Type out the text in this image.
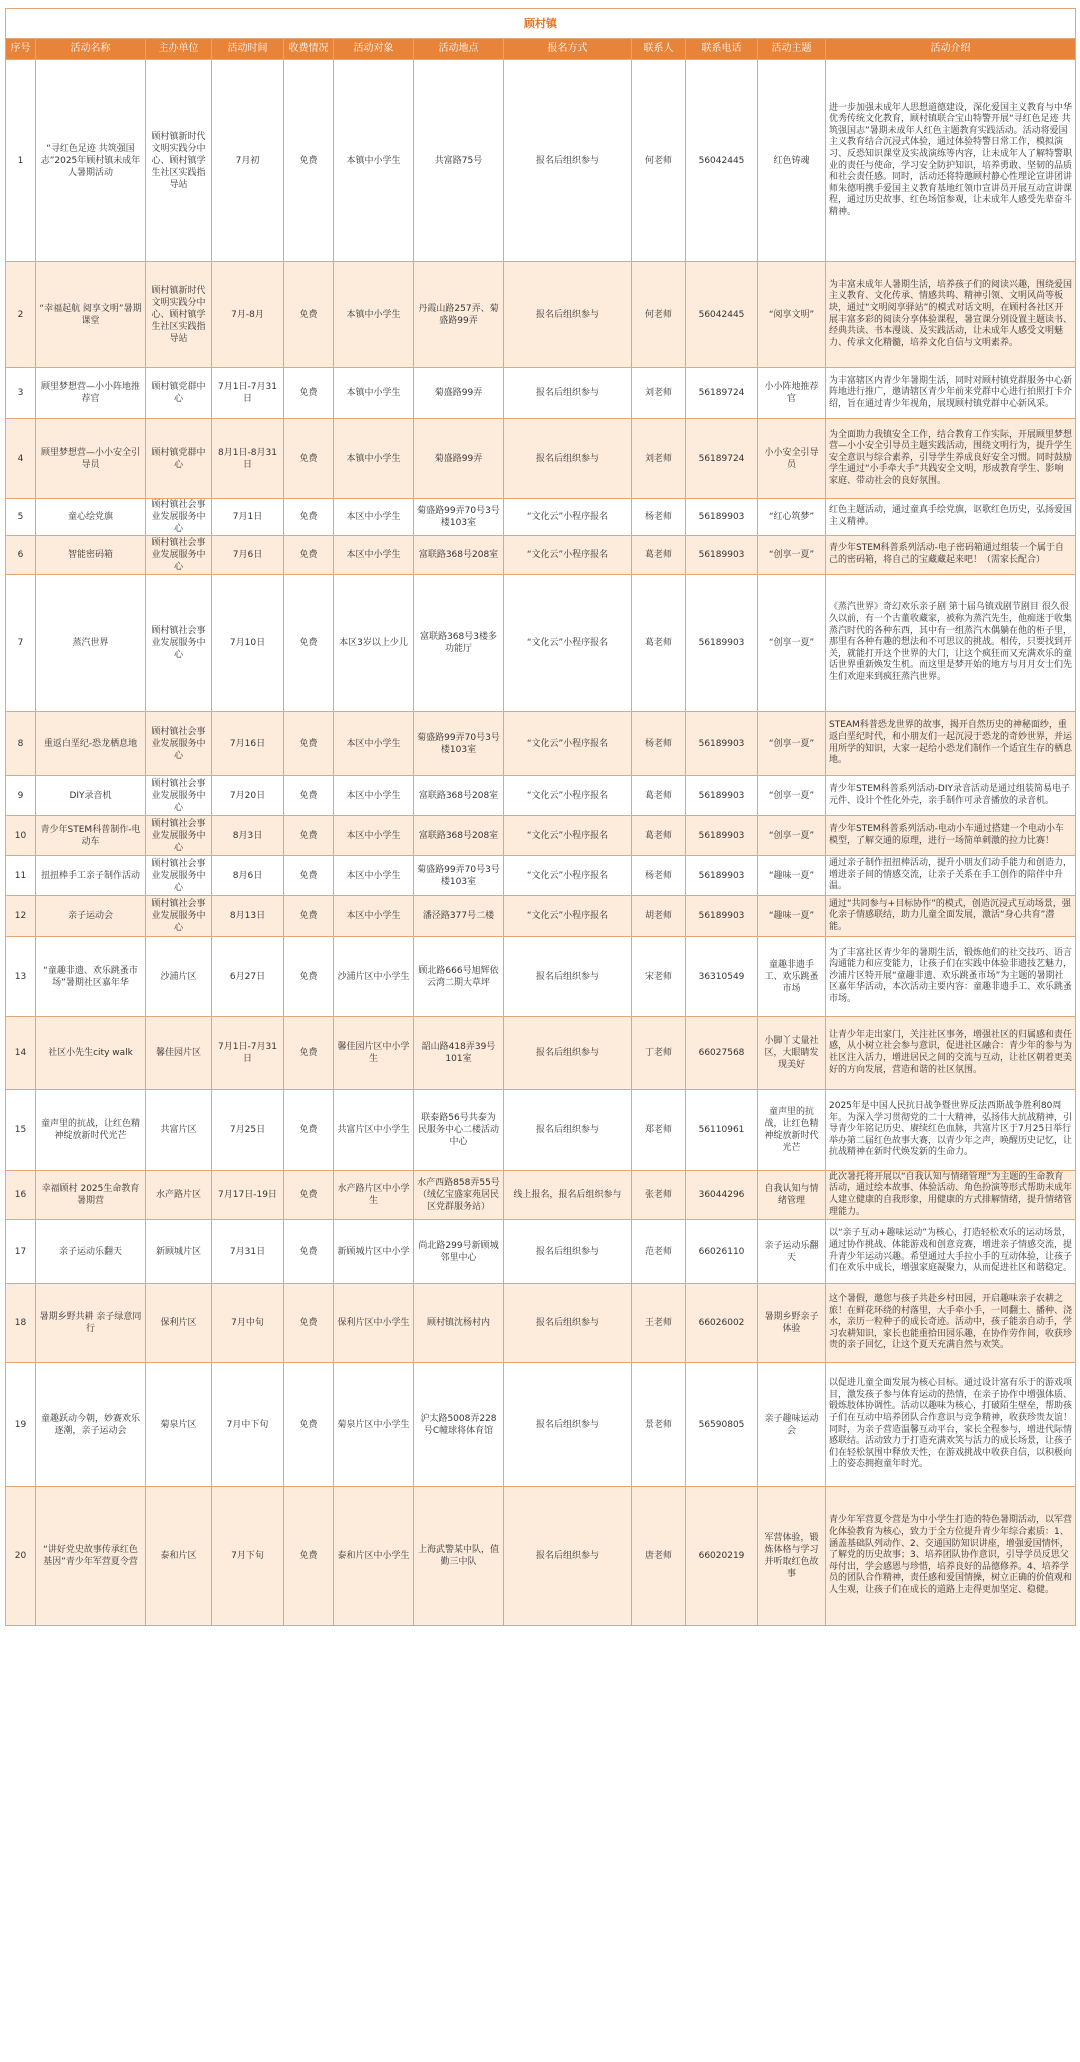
顾村镇											
序号	活动名称	主办单位	活动时间	收费情况	活动对象	活动地点	报名方式	联系人	联系电话	活动主题	活动介绍
1	“寻红色足迹 共筑强国志”2025年顾村镇未成年人暑期活动	顾村镇新时代文明实践分中心、顾村镇学生社区实践指导站	7月初	免费	本镇中小学生	共富路75号	报名后组织参与	何老师	56042445	红色铸魂	进一步加强未成年人思想道德建设，深化爱国主义教育与中华优秀传统文化教育，顾村镇联合宝山特警开展“寻红色足迹 共筑强国志”暑期未成年人红色主题教育实践活动。活动将爱国主义教育结合沉浸式体验，通过体验特警日常工作，模拟演习、反恐知识课堂及实战演练等内容，让未成年人了解特警职业的责任与使命，学习安全防护知识，培养勇敢、坚韧的品质和社会责任感。同时，活动还将特邀顾村静心性理论宣讲团讲师朱德明携手爱国主义教育基地红领巾宣讲员开展互动宣讲课程，通过历史故事、红色场馆参观，让未成年人感受先辈奋斗精神。
2	“幸福起航 阅享文明”暑期课堂	顾村镇新时代文明实践分中心、顾村镇学生社区实践指导站	7月-8月	免费	本镇中小学生	丹霞山路257弄、菊盛路99弄	报名后组织参与	何老师	56042445	“阅享文明”	为丰富未成年人暑期生活，培养孩子们的阅读兴趣，围绕爱国主义教育、文化传承、情感共鸣、精神引领、文明风尚等板块，通过“文明阅享驿站”的模式对话文明，在顾村各社区开展丰富多彩的阅读分享体验课程，暑宣课分别设置主题读书、经典共读、书本漫谈、及实践活动，让未成年人感受文明魅力、传承文化精髓，培养文化自信与文明素养。
3	顾里梦想营—小小阵地推荐官	顾村镇党群中心	7月1日-7月31日	免费	本镇中小学生	菊盛路99弄	报名后组织参与	刘老师	56189724	小小阵地推荐官	为丰富辖区内青少年暑期生活，同时对顾村镇党群服务中心新阵地进行推广，邀请辖区青少年前来党群中心进行拍照打卡介绍，旨在通过青少年视角，展现顾村镇党群中心新风采。
4	顾里梦想营—小小安全引导员	顾村镇党群中心	8月1日-8月31日	免费	本镇中小学生	菊盛路99弄	报名后组织参与	刘老师	56189724	小小安全引导员	为全面助力我镇安全工作，结合教育工作实际，开展顾里梦想营—小小安全引导员主题实践活动，围绕文明行为，提升学生安全意识与综合素养，引导学生养成良好安全习惯。同时鼓励学生通过“小手牵大手”共践安全文明，形成教育学生、影响家庭、带动社会的良好氛围。
5	童心绘党旗	顾村镇社会事业发展服务中心	7月1日	免费	本区中小学生	菊盛路99弄70号3号楼103室	“文化云”小程序报名	杨老师	56189903	“红心筑梦”	红色主题活动，通过童真手绘党旗，讴歌红色历史，弘扬爱国主义精神。
6	智能密码箱	顾村镇社会事业发展服务中心	7月6日	免费	本区中小学生	富联路368号208室	“文化云”小程序报名	葛老师	56189903	“创享一夏”	青少年STEM科普系列活动-电子密码箱通过组装一个属于自己的密码箱，将自己的宝藏藏起来吧！（需家长配合）
7	蒸汽世界	顾村镇社会事业发展服务中心	7月10日	免费	本区3岁以上少儿	富联路368号3楼多功能厅	“文化云”小程序报名	葛老师	56189903	“创享一夏”	《蒸汽世界》奇幻欢乐亲子剧 第十届乌镇戏剧节剧目 很久很久以前，有一个古董收藏家，被称为蒸汽先生，他痴迷于收集蒸汽时代的各种东西，其中有一组蒸汽木偶躺在他的柜子里，那里有各种有趣的想法和不可思议的挑战。相传，只要找到开关，就能打开这个世界的大门，让这个疯狂而又充满欢乐的童话世界重新焕发生机。而这里是梦开始的地方与月月女士们先生们欢迎来到疯狂蒸汽世界。
8	重返白垩纪-恐龙栖息地	顾村镇社会事业发展服务中心	7月16日	免费	本区中小学生	菊盛路99弄70号3号楼103室	“文化云”小程序报名	杨老师	56189903	“创享一夏”	STEAM科普恐龙世界的故事，揭开自然历史的神秘面纱，重返白垩纪时代，和小朋友们一起沉浸于恐龙的奇妙世界，并运用所学的知识，大家一起给小恐龙们制作一个适宜生存的栖息地。
9	DIY录音机	顾村镇社会事业发展服务中心	7月20日	免费	本区中小学生	富联路368号208室	“文化云”小程序报名	葛老师	56189903	“创享一夏”	青少年STEM科普系列活动-DIY录音活动是通过组装简易电子元件、设计个性化外壳，亲手制作可录音播放的录音机。
10	青少年STEM科普制作-电动车	顾村镇社会事业发展服务中心	8月3日	免费	本区中小学生	富联路368号208室	“文化云”小程序报名	葛老师	56189903	“创享一夏”	青少年STEM科普系列活动-电动小车通过搭建一个电动小车模型，了解交通的原理，进行一场简单刺激的拉力比赛！
11	扭扭棒手工亲子制作活动	顾村镇社会事业发展服务中心	8月6日	免费	本区中小学生	菊盛路99弄70号3号楼103室	“文化云”小程序报名	杨老师	56189903	“趣味一夏”	通过亲子制作扭扭棒活动，提升小朋友们动手能力和创造力，增进亲子间的情感交流，让亲子关系在手工创作的陪伴中升温。
12	亲子运动会	顾村镇社会事业发展服务中心	8月13日	免费	本区中小学生	潘泾路377号二楼	“文化云”小程序报名	胡老师	56189903	“趣味一夏”	通过“共同参与+目标协作”的模式，创造沉浸式互动场景，强化亲子情感联结，助力儿童全面发展，激活“身心共育”潜能。
13	“童趣非遗、欢乐跳蚤市场”暑期社区嘉年华	沙浦片区	6月27日	免费	沙浦片区中小学生	顾北路666号旭辉依云湾二期大草坪	报名后组织参与	宋老师	36310549	童趣非遗手工、欢乐跳蚤市场	为了丰富社区青少年的暑期生活，锻炼他们的社交技巧、语言沟通能力和应变能力，让孩子们在实践中体验非遗技艺魅力，沙浦片区特开展“童趣非遗、欢乐跳蚤市场”为主题的暑期社区嘉年华活动，本次活动主要内容：童趣非遗手工、欢乐跳蚤市场。
14	社区小先生city walk	馨佳园片区	7月1日-7月31日	免费	馨佳园片区中小学生	韶山路418弄39号101室	报名后组织参与	丁老师	66027568	小脚丫丈量社区，大眼睛发现美好	让青少年走出家门，关注社区事务，增强社区的归属感和责任感，从小树立社会参与意识，促进社区融合：青少年的参与为社区注入活力，增进居民之间的交流与互动，让社区朝着更美好的方向发展，营造和谐的社区氛围。
15	童声里的抗战，让红色精神绽放新时代光芒	共富片区	7月25日	免费	共富片区中小学生	联泰路56号共泰为民服务中心二楼活动中心	报名后组织参与	郑老师	56110961	童声里的抗战，让红色精神绽放新时代光芒	2025年是中国人民抗日战争暨世界反法西斯战争胜利80周年。为深入学习贯彻党的二十大精神，弘扬伟大抗战精神，引导青少年铭记历史、赓续红色血脉，共富片区于7月25日举行举办第二届红色故事大赛，以青少年之声，唤醒历史记忆，让抗战精神在新时代焕发新的生命力。
16	幸福顾村 2025生命教育 暑期营	水产路片区	7月17日-19日	免费	水产路片区中小学生	水产西路858弄55号（绒亿宝盛家苑居民区党群服务站）	线上报名，报名后组织参与	张老师	36044296	自我认知与情绪管理	此次暑托将开展以“自我认知与情绪管理”为主题的生命教育活动，通过绘本故事、体验活动、角色扮演等形式帮助未成年人建立健康的自我形象，用健康的方式排解情绪，提升情绪管理能力。
17	亲子运动乐翻天	新顾城片区	7月31日	免费	新顾城片区中小学	尚北路299号新顾城邻里中心	报名后组织参与	范老师	66026110	亲子运动乐翻天	以“亲子互动+趣味运动”为核心，打造轻松欢乐的运动场景，通过协作挑战、体能游戏和创意竞赛，增进亲子情感交流，提升青少年运动兴趣。希望通过大手拉小手的互动体验，让孩子们在欢乐中成长，增强家庭凝聚力，从而促进社区和谐稳定。
18	暑期乡野共耕 亲子绿意同行	保利片区	7月中旬	免费	保利片区中小学生	顾村镇沈杨村内	报名后组织参与	王老师	66026002	暑期乡野亲子体验	这个暑假，邀您与孩子共赴乡村田园，开启趣味亲子农耕之旅！在鲜花环绕的村落里，大手牵小手，一同翻土、播种、浇水，亲历一粒种子的成长奇迹。活动中，孩子能亲自动手，学习农耕知识，家长也能重拾田园乐趣，在协作劳作间，收获珍贵的亲子回忆，让这个夏天充满自然与欢笑。
19	童趣跃动今朝，妙赛欢乐逐潮，亲子运动会	菊泉片区	7月中下旬	免费	菊泉片区中小学生	沪太路5008弄228号C幢球将体育馆	报名后组织参与	景老师	56590805	亲子趣味运动会	以促进儿童全面发展为核心目标。通过设计富有乐于的游戏项目，激发孩子参与体育运动的热情，在亲子协作中增强体质、锻炼肢体协调性。活动以趣味为核心，打破陌生壁垒，帮助孩子们在互动中培养团队合作意识与竞争精神，收获珍贵友谊！同时，为亲子营造温馨互动平台，家长全程参与，增进代际情感联结。活动致力于打造充满欢笑与活力的成长场景，让孩子们在轻松氛围中释放天性，在游戏挑战中收获自信，以积极向上的姿态拥抱童年时光。
20	“讲好党史故事传承红色基因”青少年军营夏令营	泰和片区	7月下旬	免费	泰和片区中小学生	上海武警某中队，值勤三中队	报名后组织参与	唐老师	66020219	军营体验，锻炼体格与学习并听取红色故事	青少年军营夏令营是为中小学生打造的特色暑期活动，以军营化体验教育为核心，致力于全方位提升青少年综合素质：1、涵盖基础队列动作、2、交通国防知识讲座，增强爱国情怀，了解党的历史故事；3、培养团队协作意识，引导学员反思父母付出，学会感恩与珍惜，培养良好的品德修养。4、培养学员的团队合作精神，责任感和爱国情操，树立正确的价值观和人生观，让孩子们在成长的道路上走得更加坚定、稳健。
